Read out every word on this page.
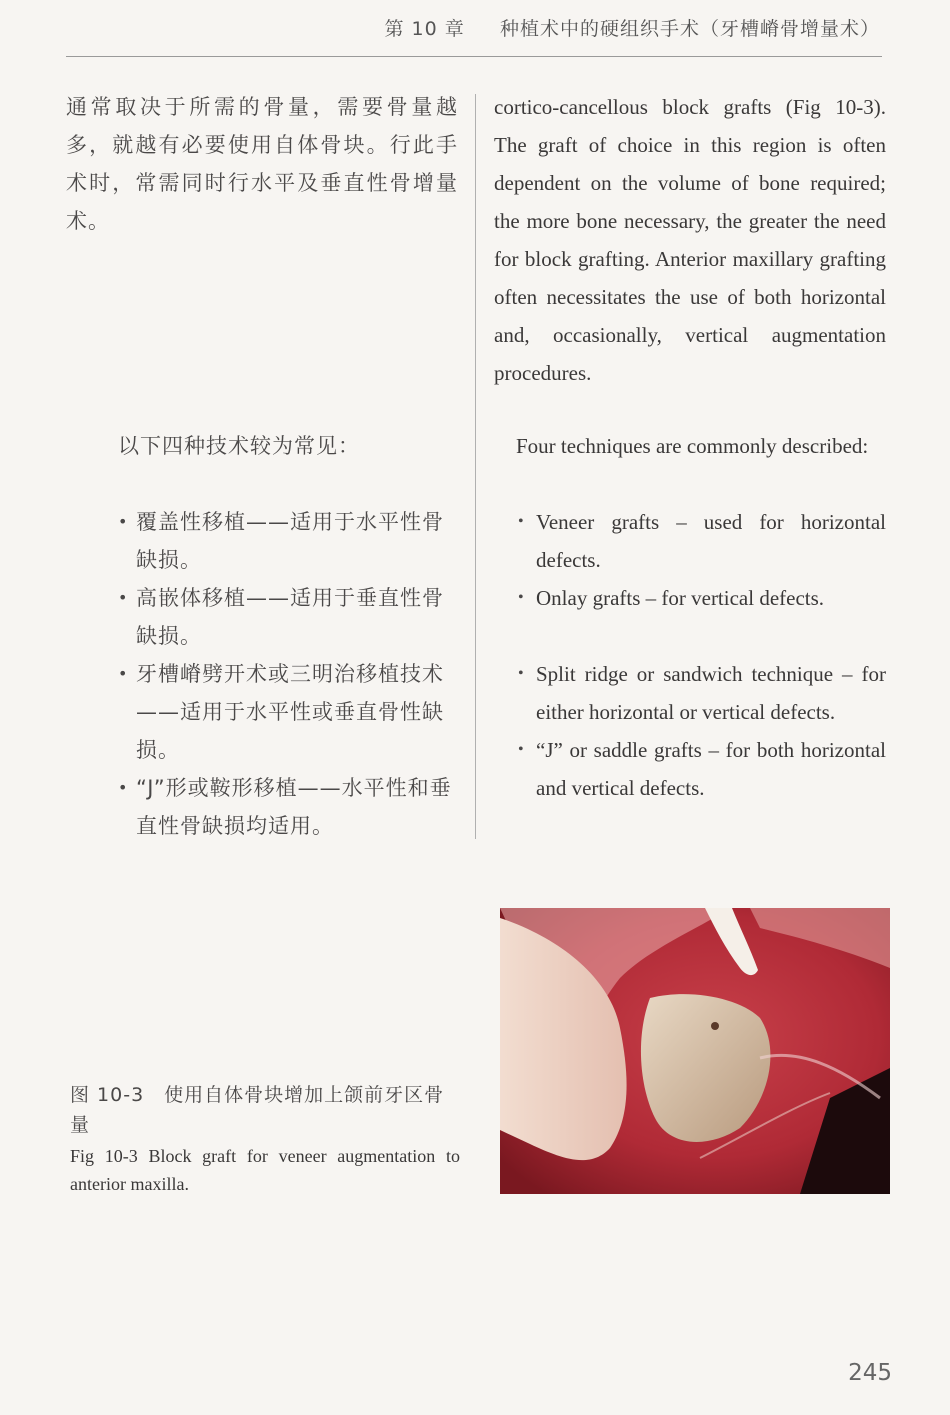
第 10 章 种植术中的硬组织手术（牙槽嵴骨增量术）
通常取决于所需的骨量，需要骨量越多，就越有必要使用自体骨块。行此手术时，常需同时行水平及垂直性骨增量术。
cortico-cancellous block grafts (Fig 10-3). The graft of choice in this region is often dependent on the volume of bone required; the more bone necessary, the greater the need for block grafting. Anterior maxillary grafting often necessitates the use of both horizontal and, occasionally, vertical augmentation procedures.
以下四种技术较为常见：	Four techniques are commonly described:
• 覆盖性移植——适用于水平性骨缺损。
• 高嵌体移植——适用于垂直性骨缺损。
• 牙槽嵴劈开术或三明治移植技术——适用于水平性或垂直骨性缺损。
• “J”形或鞍形移植——水平性和垂直性骨缺损均适用。
• Veneer grafts – used for horizontal defects.
• Onlay grafts – for vertical defects.
• Split ridge or sandwich technique – for either horizontal or vertical defects.
• “J” or saddle grafts – for both horizontal and vertical defects.
图 10-3　使用自体骨块增加上颌前牙区骨量
Fig 10-3 Block graft for veneer augmentation to anterior maxilla.
245
